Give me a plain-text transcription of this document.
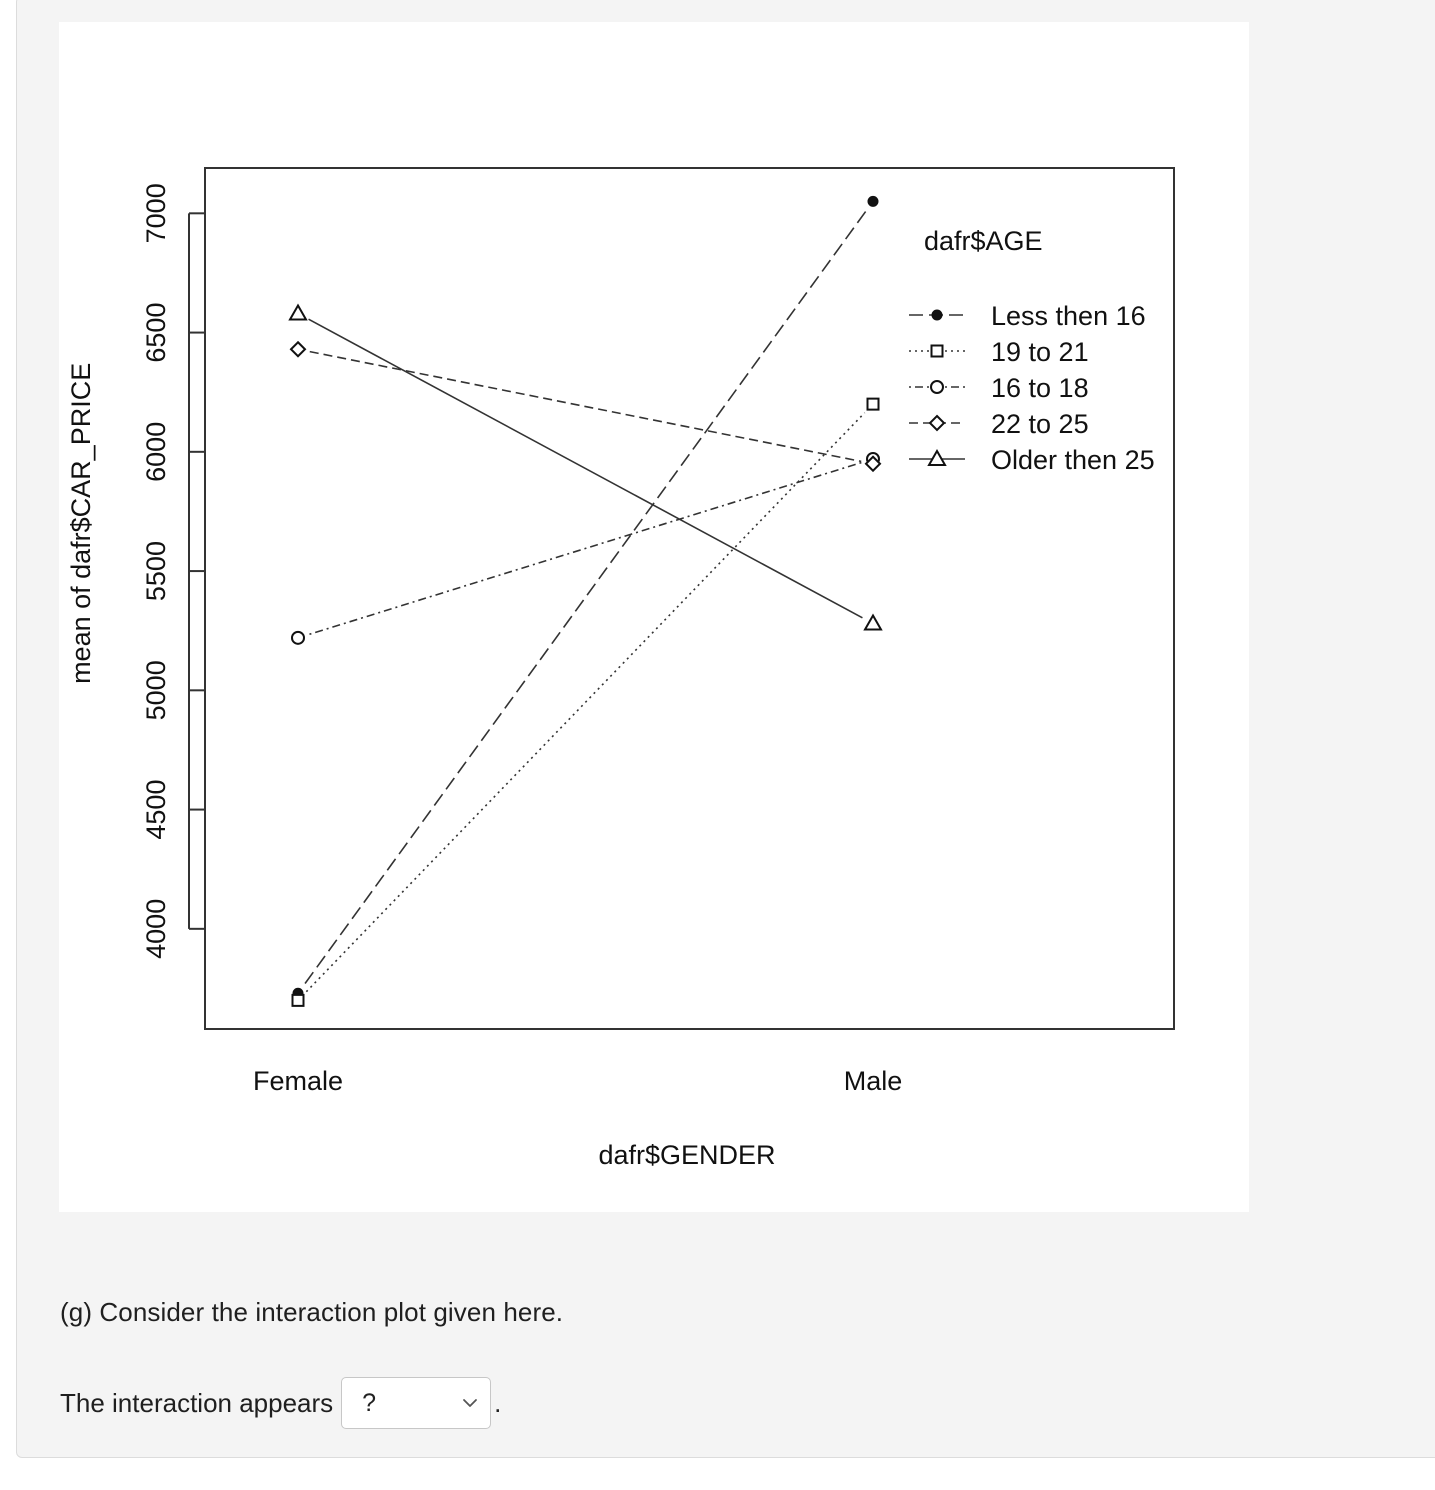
4000
4500
5000
5500
6000
6500
7000
Female	Male
dafr$GENDER
mean of dafr$CAR_PRICE
dafr$AGE
Less then 16
19 to 21
16 to 18
22 to 25
Older then 25
(g) Consider the interaction plot given here.
The interaction appears ?	.
